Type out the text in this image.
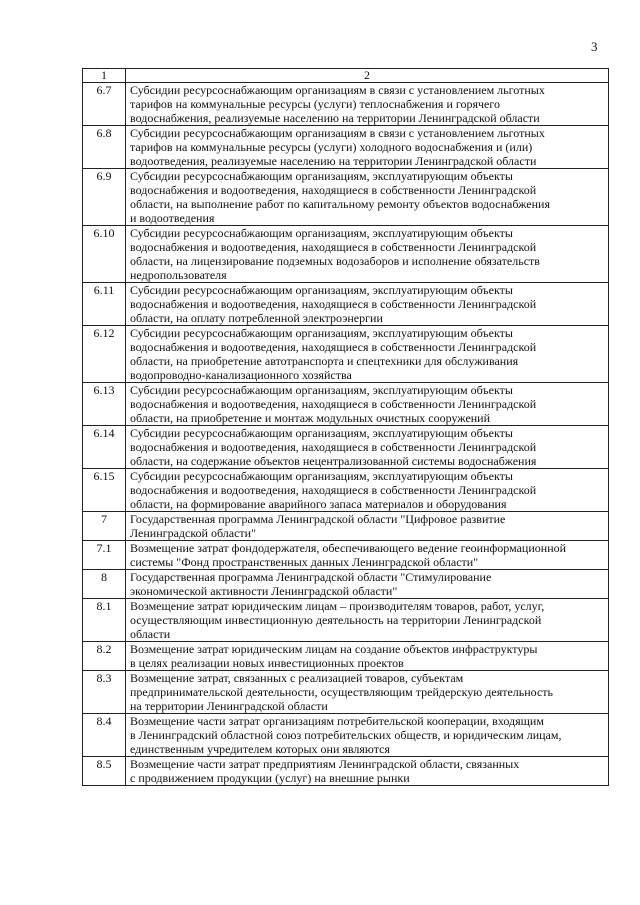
3
1	2
6.7	Субсидии ресурсоснабжающим организациям в связи с установлением льготных
тарифов на коммунальные ресурсы (услуги) теплоснабжения и горячего
водоснабжения, реализуемые населению на территории Ленинградской области

6.8	Субсидии ресурсоснабжающим организациям в связи с установлением льготных
тарифов на коммунальные ресурсы (услуги) холодного водоснабжения и (или)
водоотведения, реализуемые населению на территории Ленинградской области

6.9	Субсидии ресурсоснабжающим организациям, эксплуатирующим объекты
водоснабжения и водоотведения, находящиеся в собственности Ленинградской
области, на выполнение работ по капитальному ремонту объектов водоснабжения
и водоотведения

6.10	Субсидии ресурсоснабжающим организациям, эксплуатирующим объекты
водоснабжения и водоотведения, находящиеся в собственности Ленинградской
области, на лицензирование подземных водозаборов и исполнение обязательств
недропользователя

6.11	Субсидии ресурсоснабжающим организациям, эксплуатирующим объекты
водоснабжения и водоотведения, находящиеся в собственности Ленинградской
области, на оплату потребленной электроэнергии

6.12	Субсидии ресурсоснабжающим организациям, эксплуатирующим объекты
водоснабжения и водоотведения, находящиеся в собственности Ленинградской
области, на приобретение автотранспорта и спецтехники для обслуживания
водопроводно-канализационного хозяйства

6.13	Субсидии ресурсоснабжающим организациям, эксплуатирующим объекты
водоснабжения и водоотведения, находящиеся в собственности Ленинградской
области, на приобретение и монтаж модульных очистных сооружений

6.14	Субсидии ресурсоснабжающим организациям, эксплуатирующим объекты
водоснабжения и водоотведения, находящиеся в собственности Ленинградской
области, на содержание объектов нецентрализованной системы водоснабжения

6.15	Субсидии ресурсоснабжающим организациям, эксплуатирующим объекты
водоснабжения и водоотведения, находящиеся в собственности Ленинградской
области, на формирование аварийного запаса материалов и оборудования

7	Государственная программа Ленинградской области "Цифровое развитие
Ленинградской области"

7.1	Возмещение затрат фондодержателя, обеспечивающего ведение геоинформационной
системы "Фонд пространственных данных Ленинградской области"

8	Государственная программа Ленинградской области "Стимулирование
экономической активности Ленинградской области"

8.1	Возмещение затрат юридическим лицам – производителям товаров, работ, услуг,
осуществляющим инвестиционную деятельность на территории Ленинградской
области

8.2	Возмещение затрат юридическим лицам на создание объектов инфраструктуры
в целях реализации новых инвестиционных проектов

8.3	Возмещение затрат, связанных с реализацией товаров, субъектам
предпринимательской деятельности, осуществляющим трейдерскую деятельность
на территории Ленинградской области

8.4	Возмещение части затрат организациям потребительской кооперации, входящим
в Ленинградский областной союз потребительских обществ, и юридическим лицам,
единственным учредителем которых они являются

8.5	Возмещение части затрат предприятиям Ленинградской области, связанных
с продвижением продукции (услуг) на внешние рынки
